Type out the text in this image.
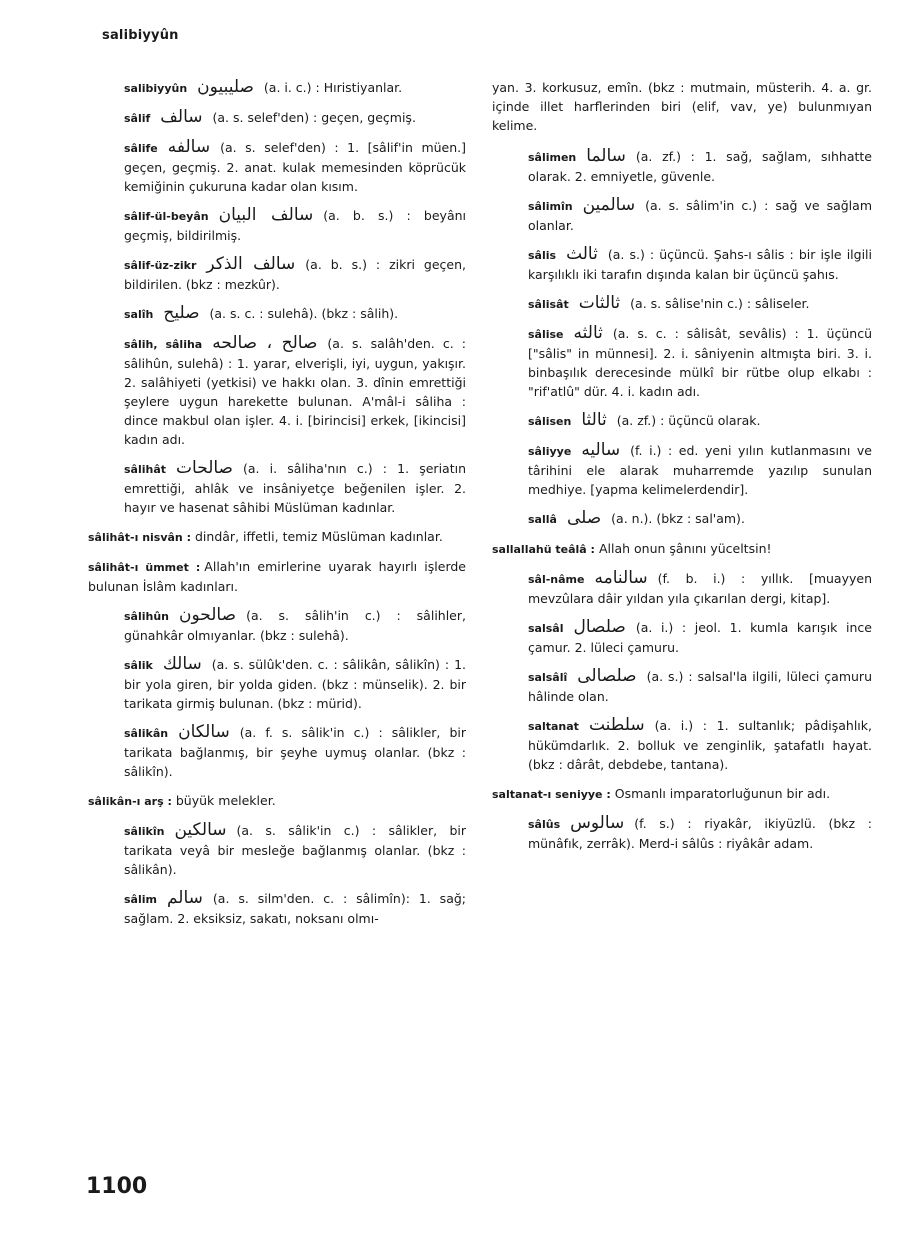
salibiyyûn
salibiyyûn صليبيون (a. i. c.) : Hıristiyanlar.
sâlif سالف (a. s. selef'den) : geçen, geçmiş.
sâlife سالفه (a. s. selef'den) : 1. [sâlif'in müen.] geçen, geçmiş. 2. anat. kulak memesinden köprücük kemiğinin çukuruna kadar olan kısım.
sâlif-ül-beyân سالف البيان (a. b. s.) : beyânı geçmiş, bildirilmiş.
sâlif-üz-zikr سالف الذكر (a. b. s.) : zikri geçen, bildirilen. (bkz : mezkûr).
salîh صليح (a. s. c. : sulehâ). (bkz : sâlih).
sâlih, sâliha صالح ، صالحه (a. s. salâh'den. c. : sâlihûn, sulehâ) : 1. yarar, elverişli, iyi, uygun, yakışır. 2. salâhiyeti (yetkisi) ve hakkı olan. 3. dînin emrettiği şeylere uygun harekette bulunan. A'mâl-i sâliha : dince makbul olan işler. 4. i. [birincisi] erkek, [ikincisi] kadın adı.
sâlihât صالحات (a. i. sâliha'nın c.) : 1. şeriatın emrettiği, ahlâk ve insâniyetçe beğenilen işler. 2. hayır ve hasenat sâhibi Müslüman kadınlar.
sâlihât-ı nisvân : dindâr, iffetli, temiz Müslüman kadınlar.
sâlihât-ı ümmet : Allah'ın emirlerine uyarak hayırlı işlerde bulunan İslâm kadınları.
sâlihûn صالحون (a. s. sâlih'in c.) : sâlihler, günahkâr olmıyanlar. (bkz : sulehâ).
sâlik سالك (a. s. sülûk'den. c. : sâlikân, sâlikîn) : 1. bir yola giren, bir yolda giden. (bkz : münselik). 2. bir tarikata girmiş bulunan. (bkz : mürid).
sâlikân سالكان (a. f. s. sâlik'in c.) : sâlikler, bir tarikata bağlanmış, bir şeyhe uymuş olanlar. (bkz : sâlikîn).
sâlikân-ı arş : büyük melekler.
sâlikîn سالكين (a. s. sâlik'in c.) : sâlikler, bir tarikata veyâ bir mesleğe bağlanmış olanlar. (bkz : sâlikân).
sâlim سالم (a. s. silm'den. c. : sâlimîn): 1. sağ; sağlam. 2. eksiksiz, sakatı, noksanı olmı-
yan. 3. korkusuz, emîn. (bkz : mutmain, müsterih. 4. a. gr. içinde illet harflerinden biri (elif, vav, ye) bulunmıyan kelime.
sâlimen سالما (a. zf.) : 1. sağ, sağlam, sıhhatte olarak. 2. emniyetle, güvenle.
sâlimîn سالمين (a. s. sâlim'in c.) : sağ ve sağlam olanlar.
sâlis ثالث (a. s.) : üçüncü. Şahs-ı sâlis : bir işle ilgili karşılıklı iki tarafın dışında kalan bir üçüncü şahıs.
sâlisât ثالثات (a. s. sâlise'nin c.) : sâliseler.
sâlise ثالثه (a. s. c. : sâlisât, sevâlis) : 1. üçüncü ["sâlis" in münnesi]. 2. i. sâniyenin altmışta biri. 3. i. binbaşılık derecesinde mülkî bir rütbe olup elkabı : "rif'atlû" dür. 4. i. kadın adı.
sâlisen ثالثا (a. zf.) : üçüncü olarak.
sâliyye ساليه (f. i.) : ed. yeni yılın kutlanmasını ve târihini ele alarak muharremde yazılıp sunulan medhiye. [yapma kelimelerdendir].
sallâ صلى (a. n.). (bkz : sal'am).
sallallahü teâlâ : Allah onun şânını yüceltsin!
sâl-nâme سالنامه (f. b. i.) : yıllık. [muayyen mevzûlara dâir yıldan yıla çıkarılan dergi, kitap].
salsâl صلصال (a. i.) : jeol. 1. kumla karışık ince çamur. 2. lüleci çamuru.
salsâlî صلصالى (a. s.) : salsal'la ilgili, lüleci çamuru hâlinde olan.
saltanat سلطنت (a. i.) : 1. sultanlık; pâdişahlık, hükümdarlık. 2. bolluk ve zenginlik, şatafatlı hayat. (bkz : dârât, debdebe, tantana).
saltanat-ı seniyye : Osmanlı imparatorluğunun bir adı.
sâlûs سالوس (f. s.) : riyakâr, ikiyüzlü. (bkz : münâfık, zerrâk). Merd-i sâlûs : riyâkâr adam.
1100
